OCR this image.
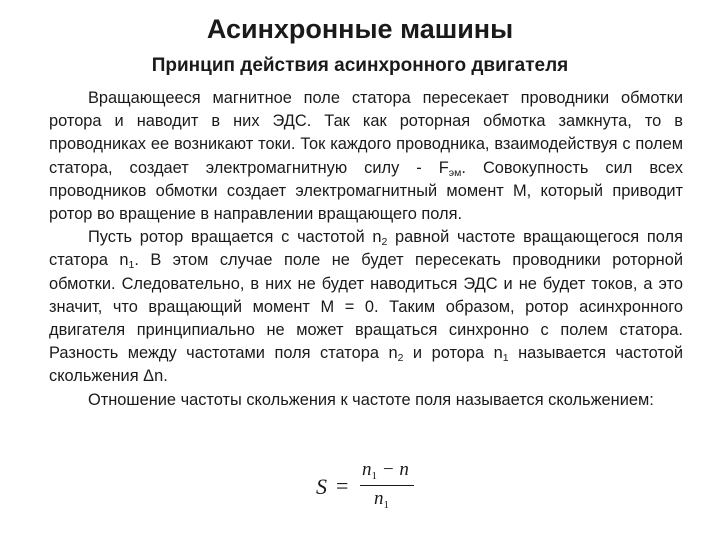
Асинхронные машины
Принцип действия асинхронного двигателя

Вращающееся магнитное поле статора пересекает проводники обмотки ротора и наводит в них ЭДС. Так как роторная обмотка замкнута, то в проводниках ее возникают токи. Ток каждого проводника, взаимодействуя с полем статора, создает электромагнитную силу - $F_{эм}$. Совокупность сил всех проводников обмотки создает электромагнитный момент М, который приводит ротор во вращение в направлении вращающего поля.

Пусть ротор вращается с частотой $n_2$ равной частоте вращающегося поля статора $n_1$. В этом случае поле не будет пересекать проводники роторной обмотки. Следовательно, в них не будет наводиться ЭДС и не будет токов, а это значит, что вращающий момент М = 0. Таким образом, ротор асинхронного двигателя принципиально не может вращаться синхронно с полем статора. Разность между частотами поля статора $n_2$ и ротора $n_1$ называется частотой скольжения Δn.

Отношение частоты скольжения к частоте поля называется скольжением:

S =
$n_1 - n$
$n_1$
